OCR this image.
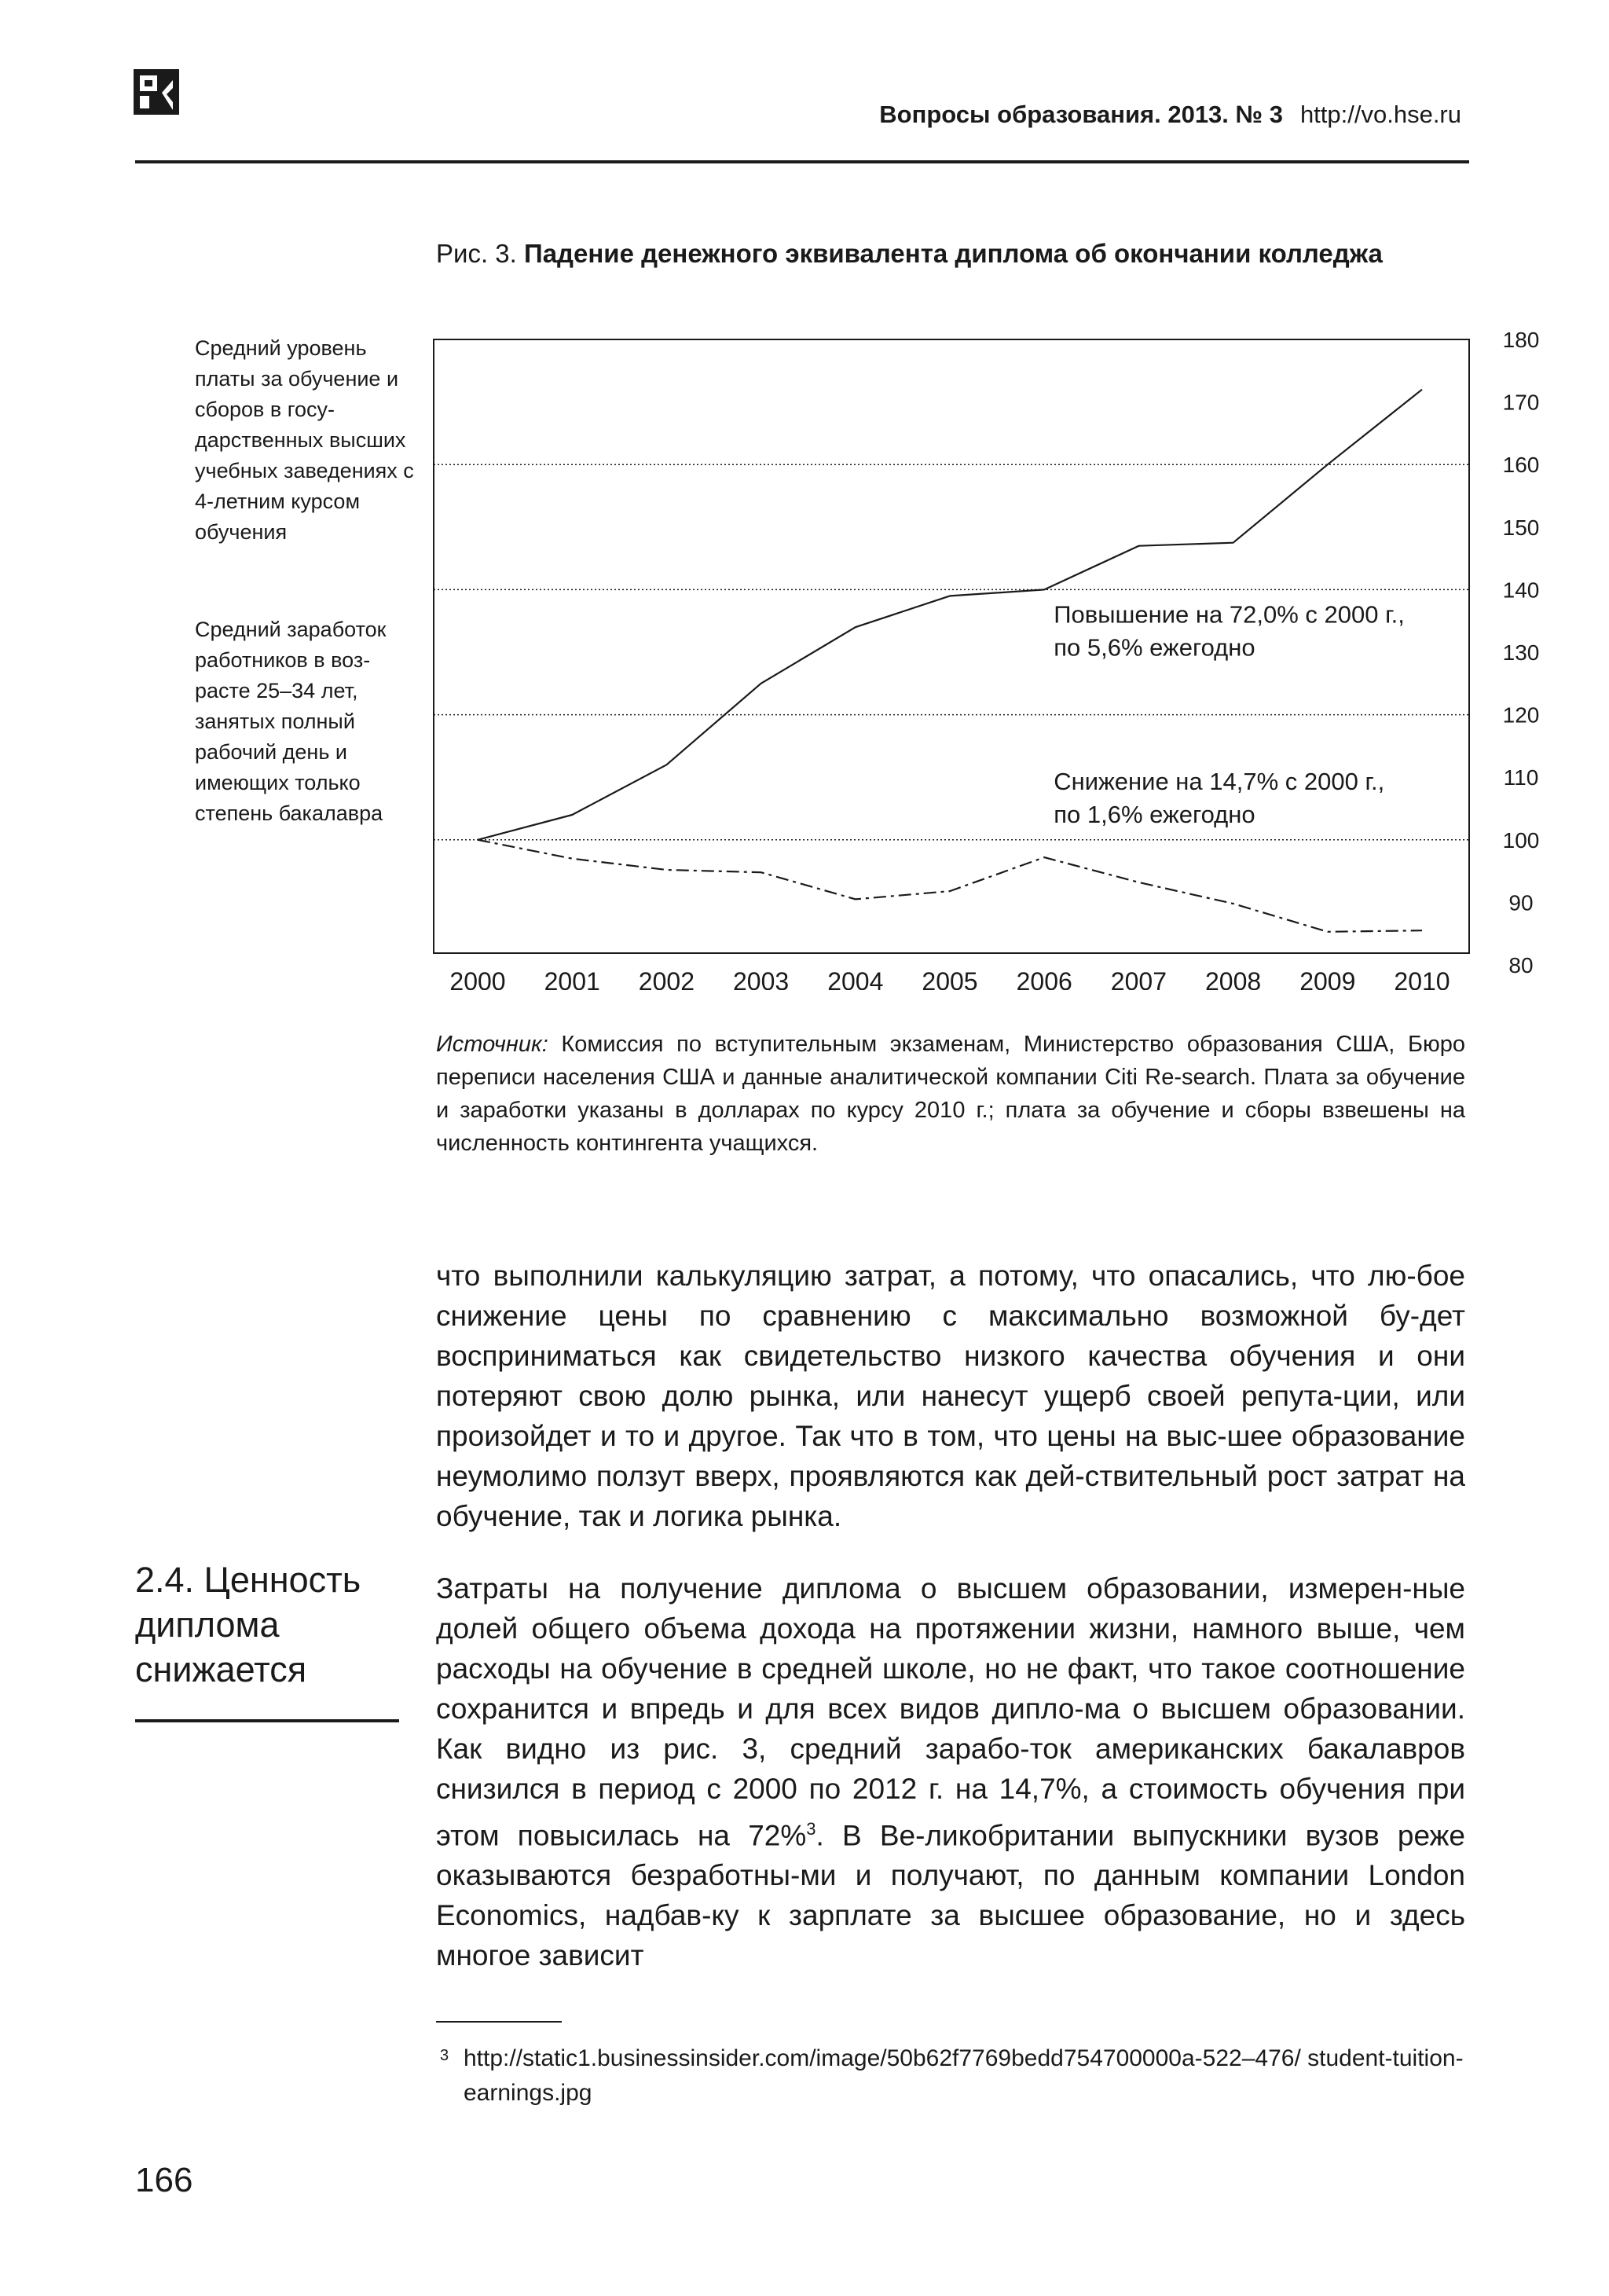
Вопросы образования. 2013. № 3 http://vo.hse.ru
Рис. 3. Падение денежного эквивалента диплома об окончании колледжа
Средний уровень платы за обучение и сборов в госу-дарственных высших учебных заведениях с 4-летним курсом обучения
Средний заработок работников в воз-расте 25–34 лет, занятых полный рабочий день и имеющих только степень бакалавра
80
90
100
110
120
130
140
150
160
170
180
2000 2001 2002 2003 2004 2005 2006 2007 2008 2009 2010
Повышение на 72,0% с 2000 г.,
по 5,6% ежегодно
Снижение на 14,7% с 2000 г.,
по 1,6% ежегодно
Источник: Комиссия по вступительным экзаменам, Министерство образования США, Бюро переписи населения США и данные аналитической компании Citi Re-search. Плата за обучение и заработки указаны в долларах по курсу 2010 г.; плата за обучение и сборы взвешены на численность контингента учащихся.
что выполнили калькуляцию затрат, а потому, что опасались, что лю-бое снижение цены по сравнению с максимально возможной бу-дет восприниматься как свидетельство низкого качества обучения и они потеряют свою долю рынка, или нанесут ущерб своей репута-ции, или произойдет и то и другое. Так что в том, что цены на выс-шее образование неумолимо ползут вверх, проявляются как дей-ствительный рост затрат на обучение, так и логика рынка.
2.4. Ценность диплома снижается
Затраты на получение диплома о высшем образовании, измерен-ные долей общего объема дохода на протяжении жизни, намного выше, чем расходы на обучение в средней школе, но не факт, что такое соотношение сохранится и впредь и для всех видов дипло-ма о высшем образовании. Как видно из рис. 3, средний зарабо-ток американских бакалавров снизился в период с 2000 по 2012 г. на 14,7%, а стоимость обучения при этом повысилась на 72%$^3$. В Ве-ликобритании выпускники вузов реже оказываются безработны-ми и получают, по данным компании London Economics, надбав-ку к зарплате за высшее образование, но и здесь многое зависит
3 http://static1.businessinsider.com/image/50b62f7769bedd754700000a-522–476/ student-tuition-earnings.jpg
166
